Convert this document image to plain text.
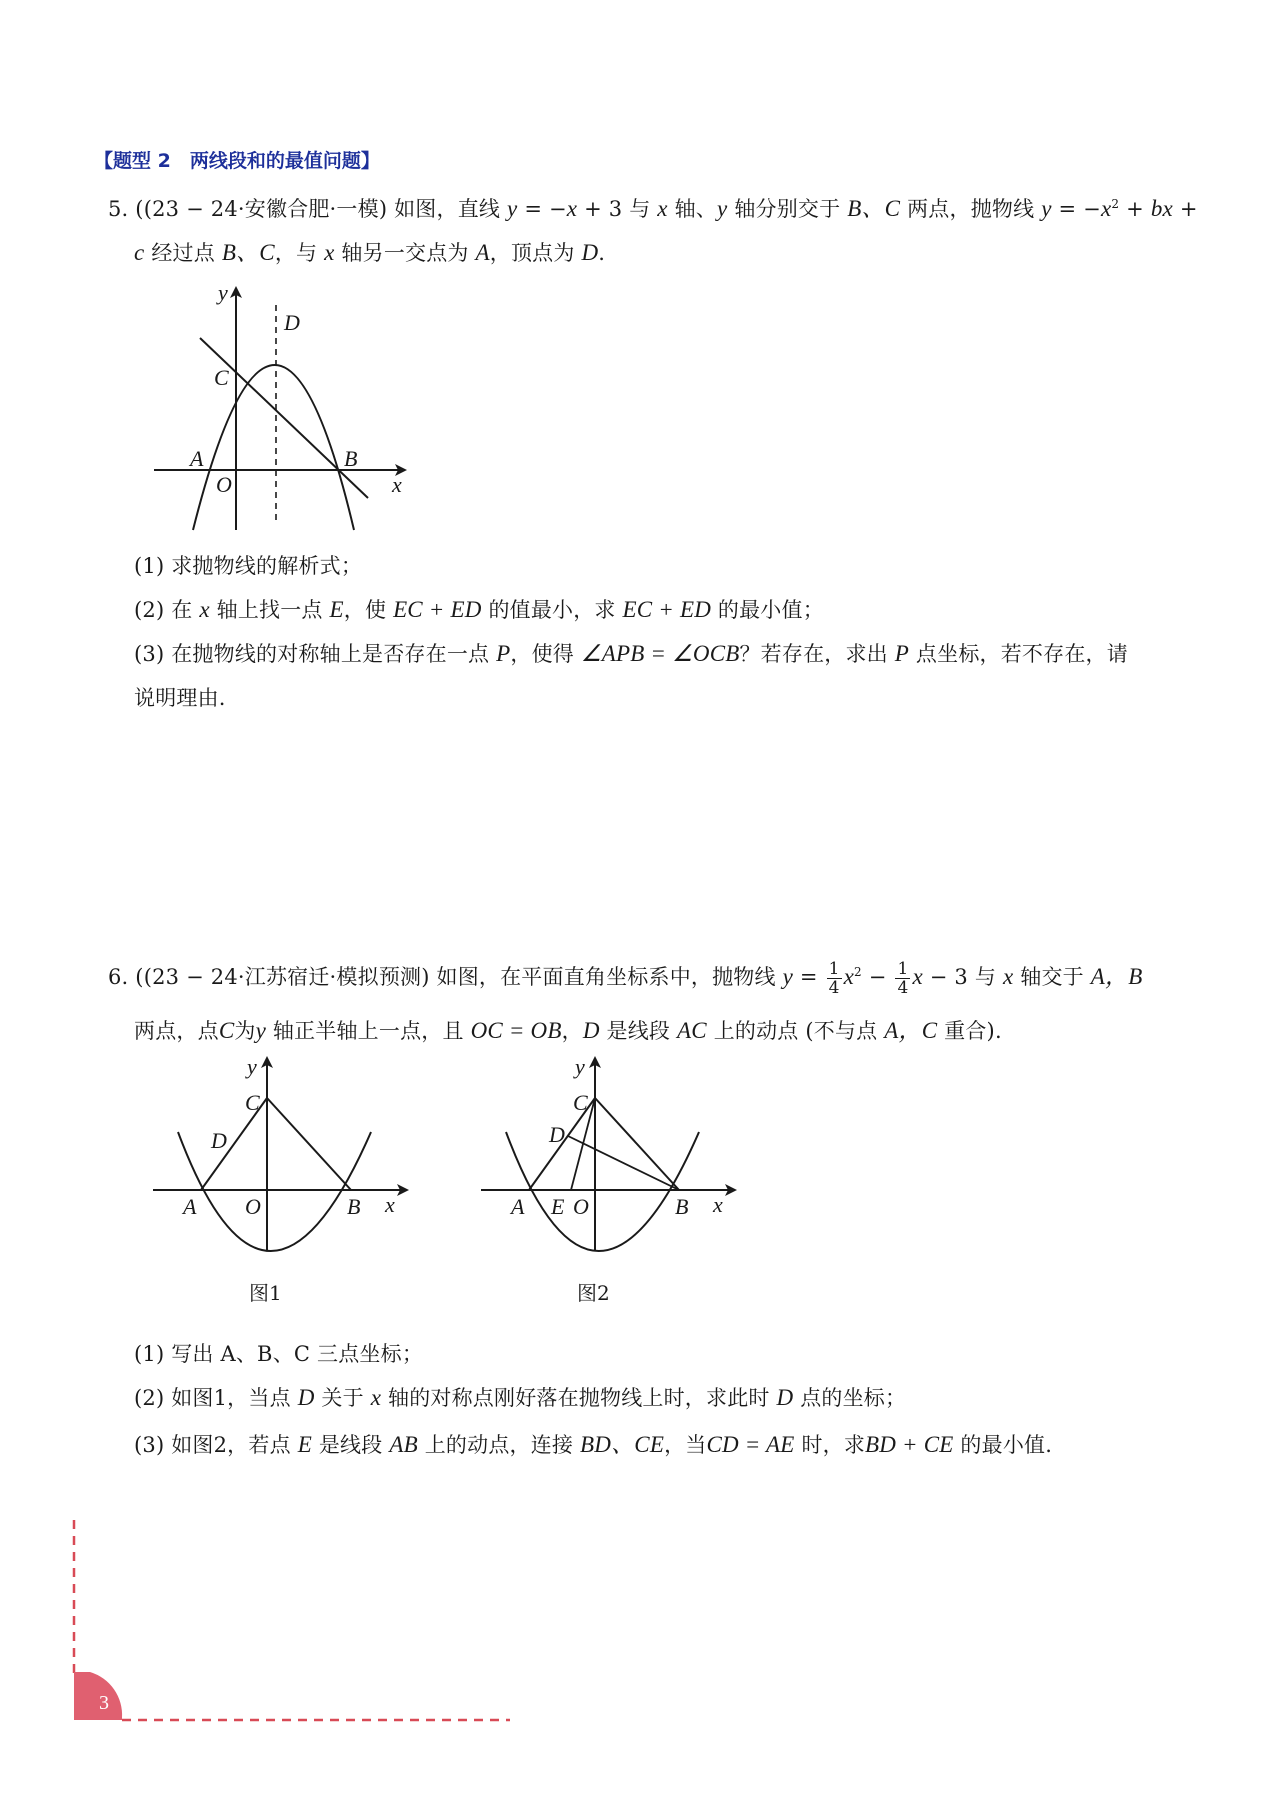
【题型 2　两线段和的最值问题】
5. ((23 − 24·安徽合肥·一模) 如图，直线 y = −x + 3 与 x 轴、y 轴分别交于 B、C 两点，抛物线 $y = -x^2$ + bx +
c 经过点 B、C，与 x 轴另一交点为 A，顶点为 D.
y
D
C
A
O
B
x
(1) 求抛物线的解析式；
(2) 在 x 轴上找一点 E，使 EC + ED 的值最小，求 EC + ED 的最小值；
(3) 在抛物线的对称轴上是否存在一点 P，使得 ∠APB = ∠OCB？若存在，求出 P 点坐标，若不存在，请
说明理由.
6. ((23 − 24·江苏宿迁·模拟预测) 如图，在平面直角坐标系中，抛物线 $y = \frac{1}{4} x^2 - \frac{1}{4}$ x − 3 与 x 轴交于 A，B
两点，点C为y 轴正半轴上一点，且 OC = OB，D 是线段 AC 上的动点 (不与点 A，C 重合).
y
C
D
A O	B x
图1
y
C
D
A E O	B x
图2
(1) 写出 A、B、C 三点坐标；
(2) 如图1，当点 D 关于 x 轴的对称点刚好落在抛物线上时，求此时 D 点的坐标；
(3) 如图2，若点 E 是线段 AB 上的动点，连接 BD、CE，当CD = AE 时，求BD + CE 的最小值.
3
